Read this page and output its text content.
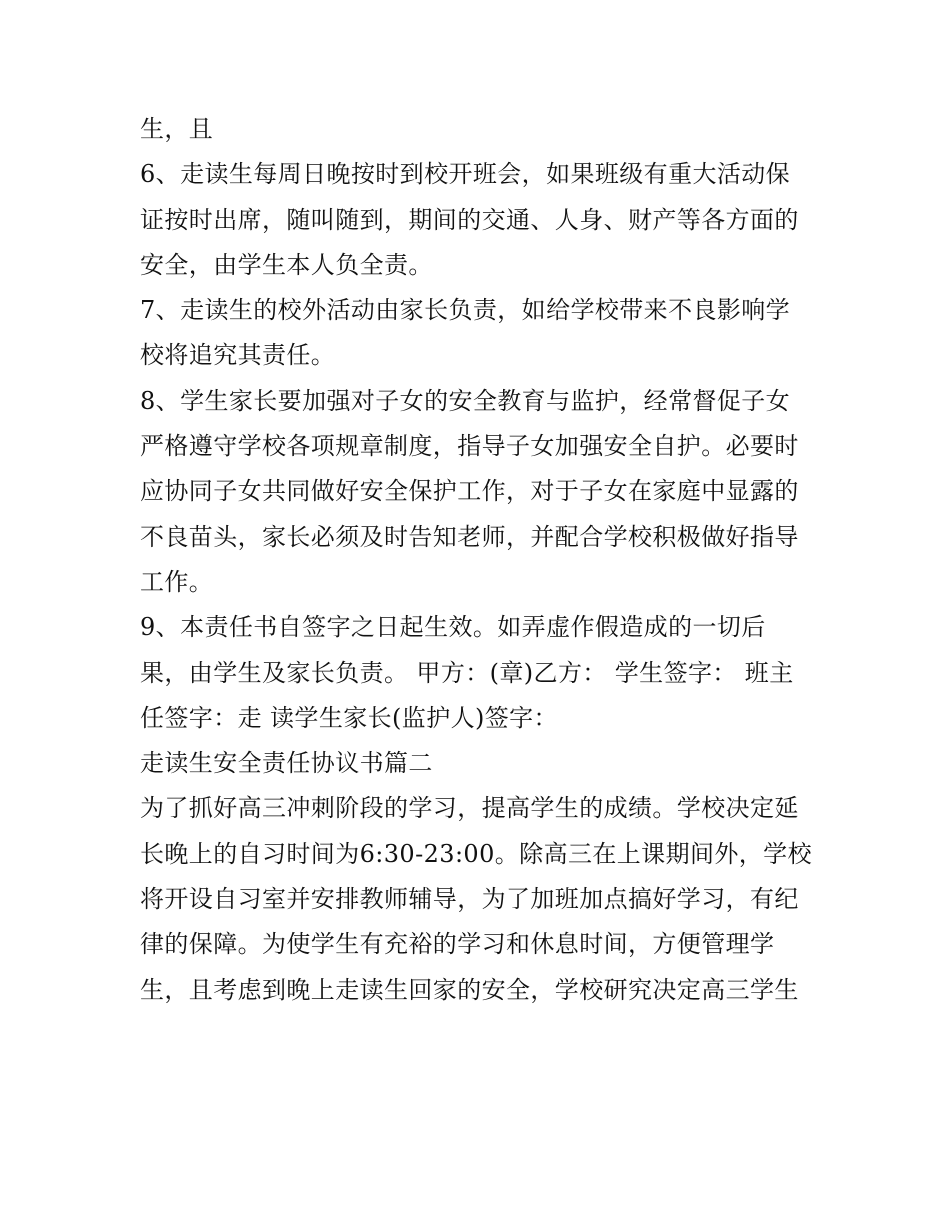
生，且
6、走读生每周日晚按时到校开班会，如果班级有重大活动保
证按时出席，随叫随到，期间的交通、人身、财产等各方面的
安全，由学生本人负全责。
7、走读生的校外活动由家长负责，如给学校带来不良影响学
校将追究其责任。
8、学生家长要加强对子女的安全教育与监护，经常督促子女
严格遵守学校各项规章制度，指导子女加强安全自护。必要时
应协同子女共同做好安全保护工作，对于子女在家庭中显露的
不良苗头，家长必须及时告知老师，并配合学校积极做好指导
工作。
9、本责任书自签字之日起生效。如弄虚作假造成的一切后
果，由学生及家长负责。 甲方：(章)乙方： 学生签字： 班主
任签字：走 读学生家长(监护人)签字：
走读生安全责任协议书篇二
为了抓好高三冲刺阶段的学习，提高学生的成绩。学校决定延
长晚上的自习时间为6:30-23:00。除高三在上课期间外，学校
将开设自习室并安排教师辅导，为了加班加点搞好学习，有纪
律的保障。为使学生有充裕的学习和休息时间，方便管理学
生，且考虑到晚上走读生回家的安全，学校研究决定高三学生
